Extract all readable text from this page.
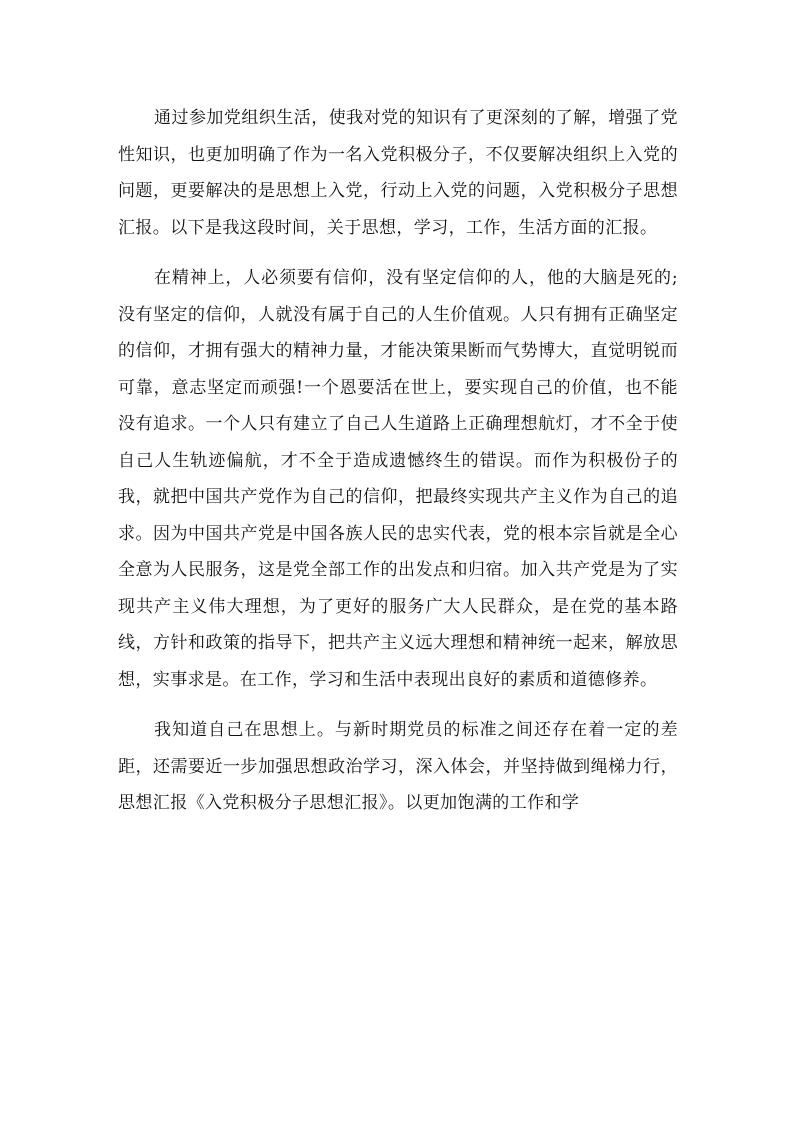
通过参加党组织生活，使我对党的知识有了更深刻的了解，增强了党性知识，也更加明确了作为一名入党积极分子，不仅要解决组织上入党的问题，更要解决的是思想上入党，行动上入党的问题，入党积极分子思想汇报。以下是我这段时间，关于思想，学习，工作，生活方面的汇报。

在精神上，人必须要有信仰，没有坚定信仰的人，他的大脑是死的;没有坚定的信仰，人就没有属于自己的人生价值观。人只有拥有正确坚定的信仰，才拥有强大的精神力量，才能决策果断而气势博大，直觉明锐而可靠，意志坚定而顽强!一个恩要活在世上，要实现自己的价值，也不能没有追求。一个人只有建立了自己人生道路上正确理想航灯，才不全于使自己人生轨迹偏航，才不全于造成遗憾终生的错误。而作为积极份子的我，就把中国共产党作为自己的信仰，把最终实现共产主义作为自己的追求。因为中国共产党是中国各族人民的忠实代表，党的根本宗旨就是全心全意为人民服务，这是党全部工作的出发点和归宿。加入共产党是为了实现共产主义伟大理想，为了更好的服务广大人民群众，是在党的基本路线，方针和政策的指导下，把共产主义远大理想和精神统一起来，解放思想，实事求是。在工作，学习和生活中表现出良好的素质和道德修养。

我知道自己在思想上。与新时期党员的标准之间还存在着一定的差距，还需要近一步加强思想政治学习，深入体会，并坚持做到绳梯力行，思想汇报《入党积极分子思想汇报》。以更加饱满的工作和学
